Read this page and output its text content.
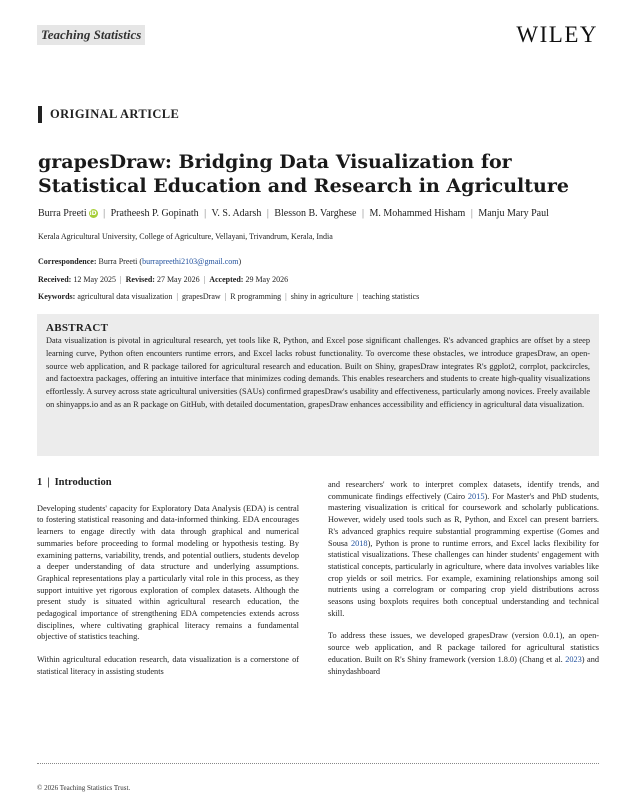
Teaching Statistics	WILEY
ORIGINAL ARTICLE
grapesDraw: Bridging Data Visualization for Statistical Education and Research in Agriculture
Burra Preeti iD | Pratheesh P. Gopinath | V. S. Adarsh | Blesson B. Varghese | M. Mohammed Hisham | Manju Mary Paul
Kerala Agricultural University, College of Agriculture, Vellayani, Trivandrum, Kerala, India
Correspondence: Burra Preeti (burrapreethi2103@gmail.com)
Received: 12 May 2025 | Revised: 27 May 2026 | Accepted: 29 May 2026
Keywords: agricultural data visualization | grapesDraw | R programming | shiny in agriculture | teaching statistics
ABSTRACT

Data visualization is pivotal in agricultural research, yet tools like R, Python, and Excel pose significant challenges. R's advanced graphics are offset by a steep learning curve, Python often encounters runtime errors, and Excel lacks robust functionality. To overcome these obstacles, we introduce grapesDraw, an open-source web application, and R package tailored for agricultural research and education. Built on Shiny, grapesDraw integrates R's ggplot2, corrplot, packcircles, and factoextra packages, offering an intuitive interface that minimizes coding demands. This enables researchers and students to create high-quality visualizations effortlessly. A survey across state agricultural universities (SAUs) confirmed grapesDraw's usability and effectiveness, particularly among novices. Freely available on shinyapps.io and as an R package on GitHub, with detailed documentation, grapesDraw enhances accessibility and efficiency in agricultural data visualization.

1 | Introduction

Developing students' capacity for Exploratory Data Analysis (EDA) is central to fostering statistical reasoning and data-informed thinking. EDA encourages learners to engage directly with data through graphical and numerical summaries before proceeding to formal modeling or hypothesis testing. By examining patterns, variability, trends, and potential outliers, students develop a deeper understanding of data structure and underlying assumptions. Graphical representations play a particularly vital role in this process, as they support intuitive yet rigorous exploration of complex datasets. Although the present study is situated within agricultural research education, the pedagogical importance of strengthening EDA competencies extends across disciplines, where cultivating graphical literacy remains a fundamental objective of statistics teaching.

Within agricultural education research, data visualization is a cornerstone of statistical literacy in assisting students

and researchers' work to interpret complex datasets, identify trends, and communicate findings effectively (Cairo 2015). For Master's and PhD students, mastering visualization is critical for coursework and scholarly publications. However, widely used tools such as R, Python, and Excel can present barriers. R's advanced graphics require substantial programming expertise (Gomes and Sousa 2018), Python is prone to runtime errors, and Excel lacks flexibility for statistical visualizations. These challenges can hinder students' engagement with statistical concepts, particularly in agriculture, where data involves variables like crop yields or soil metrics. For example, examining relationships among soil nutrients using a correlogram or comparing crop yield distributions across seasons using boxplots requires both conceptual understanding and technical skill.

To address these issues, we developed grapesDraw (version 0.0.1), an open-source web application, and R package tailored for agricultural statistics education. Built on R's Shiny framework (version 1.8.0) (Chang et al. 2023) and shinydashboard

© 2026 Teaching Statistics Trust.
